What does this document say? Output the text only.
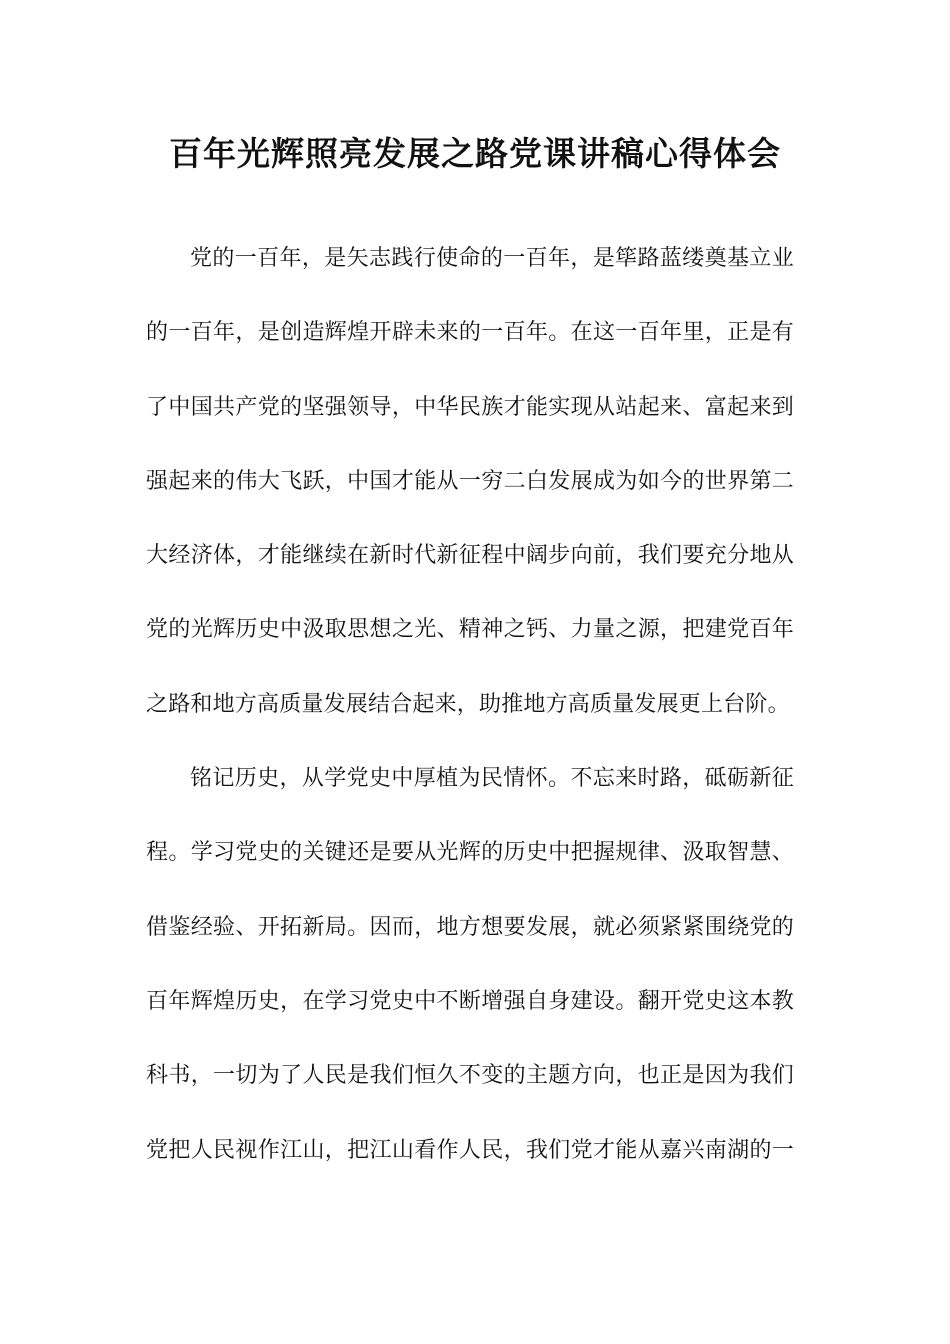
百年光辉照亮发展之路党课讲稿心得体会
党的一百年，是矢志践行使命的一百年，是筚路蓝缕奠基立业
的一百年，是创造辉煌开辟未来的一百年。在这一百年里，正是有
了中国共产党的坚强领导，中华民族才能实现从站起来、富起来到
强起来的伟大飞跃，中国才能从一穷二白发展成为如今的世界第二
大经济体，才能继续在新时代新征程中阔步向前，我们要充分地从
党的光辉历史中汲取思想之光、精神之钙、力量之源，把建党百年
之路和地方高质量发展结合起来，助推地方高质量发展更上台阶。
铭记历史，从学党史中厚植为民情怀。不忘来时路，砥砺新征
程。学习党史的关键还是要从光辉的历史中把握规律、汲取智慧、
借鉴经验、开拓新局。因而，地方想要发展，就必须紧紧围绕党的
百年辉煌历史，在学习党史中不断增强自身建设。翻开党史这本教
科书，一切为了人民是我们恒久不变的主题方向，也正是因为我们
党把人民视作江山，把江山看作人民，我们党才能从嘉兴南湖的一
